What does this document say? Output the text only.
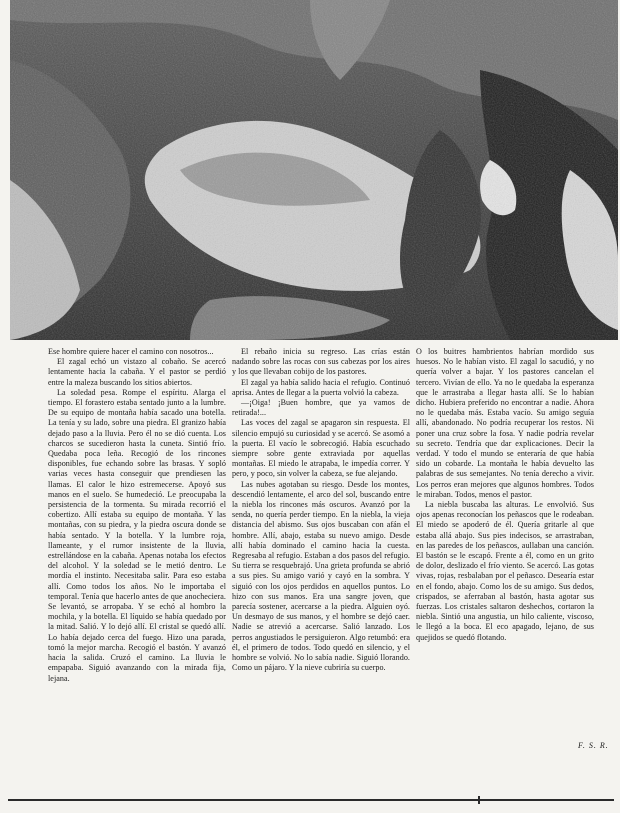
Ese hombre quiere hacer el camino con nosotros...

El zagal echó un vistazo al cobaño. Se acercó lentamente hacia la cabaña. Y el pastor se perdió entre la maleza buscando los sitios abiertos.

La soledad pesa. Rompe el espíritu. Alarga el tiempo. El forastero estaba sentado junto a la lumbre. De su equipo de montaña había sacado una botella. La tenía y su lado, sobre una piedra. El granizo había dejado paso a la lluvia. Pero él no se dió cuenta. Los charcos se sucedieron hasta la cuneta. Sintió frío. Quedaba poca leña. Recogió de los rincones disponibles, fue echando sobre las brasas. Y sopló varias veces hasta conseguir que prendiesen las llamas. El calor le hizo estremecerse. Apoyó sus manos en el suelo. Se humedeció. Le preocupaba la persistencia de la tormenta. Su mirada recorrió el cobertizo. Allí estaba su equipo de montaña. Y las montañas, con su piedra, y la piedra oscura donde se había sentado. Y la botella. Y la lumbre roja, llameante, y el rumor insistente de la lluvia, estrellándose en la cabaña. Apenas notaba los efectos del alcohol. Y la soledad se le metió dentro. Le mordía el instinto. Necesitaba salir. Para eso estaba allí. Como todos los años. No le importaba el temporal. Tenía que hacerlo antes de que anocheciera. Se levantó, se arropaba. Y se echó al hombro la mochila, y la botella. El líquido se había quedado por la mitad. Salió. Y lo dejó allí. El cristal se quedó allí. Lo había dejado cerca del fuego. Hizo una parada, tomó la mejor marcha. Recogió el bastón. Y avanzó hacia la salida. Cruzó el camino. La lluvia le empapaba. Siguió avanzando con la mirada fija, lejana.

El rebaño inicia su regreso. Las crías están nadando sobre las rocas con sus cabezas por los aires y los que llevaban cobijo de los pastores.

El zagal ya había salido hacia el refugio. Continuó aprisa. Antes de llegar a la puerta volvió la cabeza.

—¡Oiga! ¡Buen hombre, que ya vamos de retirada!...

Las voces del zagal se apagaron sin respuesta. El silencio empujó su curiosidad y se acercó. Se asomó a la puerta. El vacío le sobrecogió. Había escuchado siempre sobre gente extraviada por aquellas montañas. El miedo le atrapaba, le impedía correr. Y pero, y poco, sin volver la cabeza, se fue alejando.

Las nubes agotaban su riesgo. Desde los montes, descendió lentamente, el arco del sol, buscando entre la niebla los rincones más oscuros. Avanzó por la senda, no quería perder tiempo. En la niebla, la vieja distancia del abismo. Sus ojos buscaban con afán el hombre. Allí, abajo, estaba su nuevo amigo. Desde allí había dominado el camino hacia la cuesta. Regresaba al refugio. Estaban a dos pasos del refugio. Su tierra se resquebrajó. Una grieta profunda se abrió a sus pies. Su amigo varió y cayó en la sombra. Y siguió con los ojos perdidos en aquellos puntos. Lo hizo con sus manos. Era una sangre joven, que parecía sostener, acercarse a la piedra. Alguien oyó. Un desmayo de sus manos, y el hombre se dejó caer. Nadie se atrevió a acercarse. Salió lanzado. Los perros angustiados le persiguieron. Algo retumbó: era él, el primero de todos. Todo quedó en silencio, y el hombre se volvió. No lo sabía nadie. Siguió llorando. Como un pájaro. Y la nieve cubriría su cuerpo.

O los buitres hambrientos habrían mordido sus huesos. No le habían visto. El zagal lo sacudió, y no quería volver a bajar. Y los pastores cancelan el tercero. Vivían de ello. Ya no le quedaba la esperanza que le arrastraba a llegar hasta allí. Se lo habían dicho. Hubiera preferido no encontrar a nadie. Ahora no le quedaba más. Estaba vacío. Su amigo seguía allí, abandonado. No podría recuperar los restos. Ni poner una cruz sobre la fosa. Y nadie podría revelar su secreto. Tendría que dar explicaciones. Decir la verdad. Y todo el mundo se enteraría de que había sido un cobarde. La montaña le había devuelto las palabras de sus semejantes. No tenía derecho a vivir. Los perros eran mejores que algunos hombres. Todos le miraban. Todos, menos el pastor.

La niebla buscaba las alturas. Le envolvió. Sus ojos apenas reconocían los peñascos que le rodeaban. El miedo se apoderó de él. Quería gritarle al que estaba allá abajo. Sus pies indecisos, se arrastraban, en las paredes de los peñascos, aullaban una canción. El bastón se le escapó. Frente a él, como en un grito de dolor, deslizado el frío viento. Se acercó. Las gotas vivas, rojas, resbalaban por el peñasco. Desearía estar en el fondo, abajo. Como los de su amigo. Sus dedos, crispados, se aferraban al bastón, hasta agotar sus fuerzas. Los cristales saltaron deshechos, cortaron la niebla. Sintió una angustia, un hilo caliente, viscoso, le llegó a la boca. El eco apagado, lejano, de sus quejidos se quedó flotando.

F. S. R.
